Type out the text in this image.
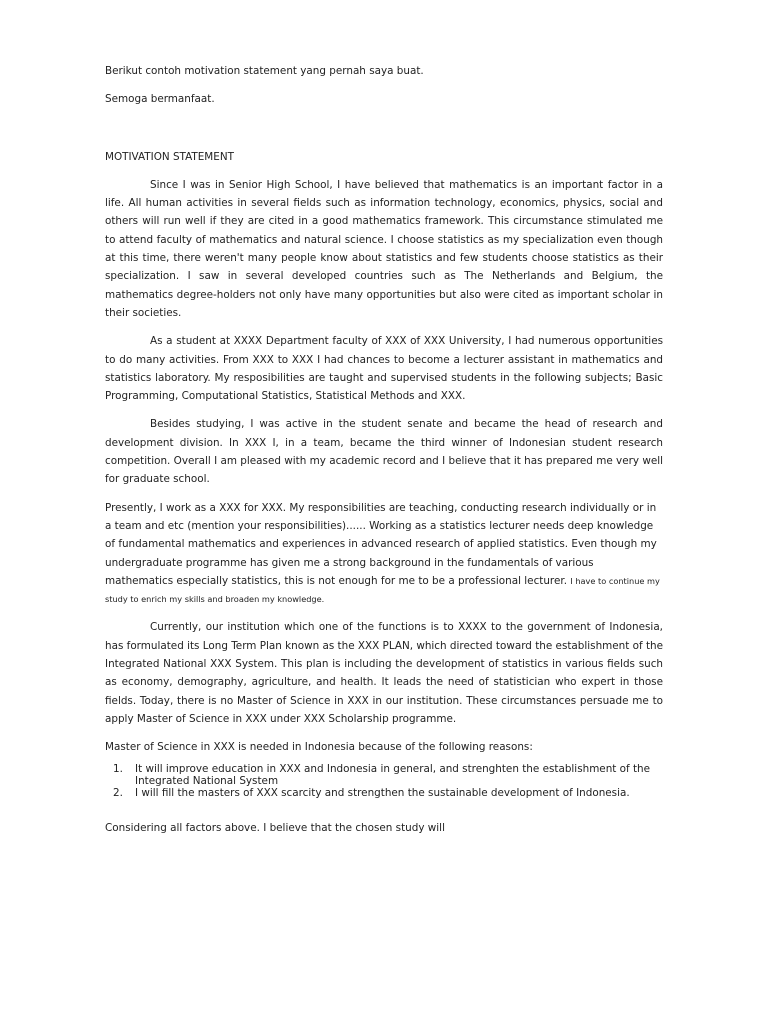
Berikut contoh motivation statement yang pernah saya buat.

Semoga bermanfaat.

MOTIVATION STATEMENT

Since I was in Senior High School, I have believed that mathematics is an important factor in a life. All human activities in several fields such as information technology, economics, physics, social and others will run well if they are cited in a good mathematics framework. This circumstance stimulated me to attend faculty of mathematics and natural science. I choose statistics as my specialization even though at this time, there weren't many people know about statistics and few students choose statistics as their specialization. I saw in several developed countries such as The Netherlands and Belgium, the mathematics degree-holders not only have many opportunities but also were cited as important scholar in their societies.

As a student at XXXX Department faculty of XXX of XXX University, I had numerous opportunities to do many activities. From XXX to XXX I had chances to become a lecturer assistant in mathematics and statistics laboratory. My resposibilities are taught and supervised students in the following subjects; Basic Programming, Computational Statistics, Statistical Methods and XXX.

Besides studying, I was active in the student senate and became the head of research and development division. In XXX I, in a team, became the third winner of Indonesian student research competition. Overall I am pleased with my academic record and I believe that it has prepared me very well for graduate school.

Presently, I work as a XXX for XXX. My responsibilities are teaching, conducting research individually or in a team and etc (mention your responsibilities)...... Working as a statistics lecturer needs deep knowledge of fundamental mathematics and experiences in advanced research of applied statistics. Even though my undergraduate programme has given me a strong background in the fundamentals of various mathematics especially statistics, this is not enough for me to be a professional lecturer. I have to continue my study to enrich my skills and broaden my knowledge.

Currently, our institution which one of the functions is to XXXX to the government of Indonesia, has formulated its Long Term Plan known as the XXX PLAN, which directed toward the establishment of the Integrated National XXX System. This plan is including the development of statistics in various fields such as economy, demography, agriculture, and health. It leads the need of statistician who expert in those fields. Today, there is no Master of Science in XXX in our institution. These circumstances persuade me to apply Master of Science in XXX under XXX Scholarship programme.

Master of Science in XXX is needed in Indonesia because of the following reasons:

1. It will improve education in XXX and Indonesia in general, and strenghten the establishment of the Integrated National System
2. I will fill the masters of XXX scarcity and strengthen the sustainable development of Indonesia.

Considering all factors above. I believe that the chosen study will
